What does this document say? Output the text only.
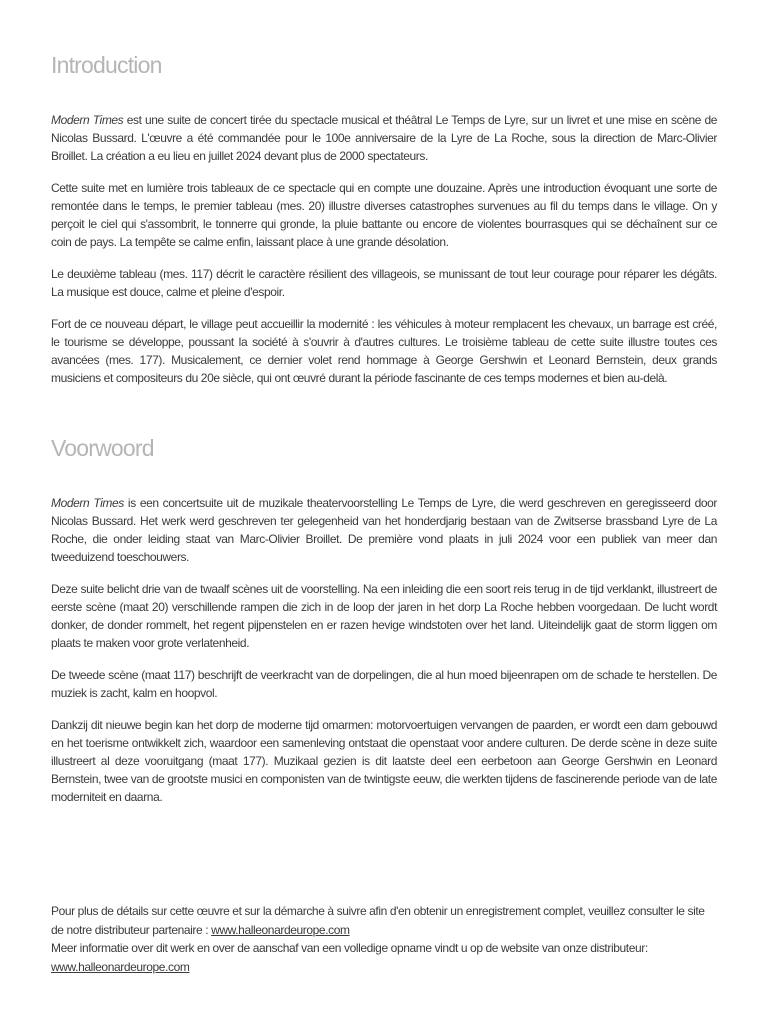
Introduction

Modern Times est une suite de concert tirée du spectacle musical et théâtral Le Temps de Lyre, sur un livret et une mise en scène de Nicolas Bussard. L'œuvre a été commandée pour le 100e anniversaire de la Lyre de La Roche, sous la direction de Marc-Olivier Broillet. La création a eu lieu en juillet 2024 devant plus de 2000 spectateurs.

Cette suite met en lumière trois tableaux de ce spectacle qui en compte une douzaine. Après une introduction évoquant une sorte de remontée dans le temps, le premier tableau (mes. 20) illustre diverses catastrophes survenues au fil du temps dans le village. On y perçoit le ciel qui s'assombrit, le tonnerre qui gronde, la pluie battante ou encore de violentes bourrasques qui se déchaînent sur ce coin de pays. La tempête se calme enfin, laissant place à une grande désolation.

Le deuxième tableau (mes. 117) décrit le caractère résilient des villageois, se munissant de tout leur courage pour réparer les dégâts. La musique est douce, calme et pleine d'espoir.

Fort de ce nouveau départ, le village peut accueillir la modernité : les véhicules à moteur remplacent les chevaux, un barrage est créé, le tourisme se développe, poussant la société à s'ouvrir à d'autres cultures. Le troisième tableau de cette suite illustre toutes ces avancées (mes. 177). Musicalement, ce dernier volet rend hommage à George Gershwin et Leonard Bernstein, deux grands musiciens et compositeurs du 20e siècle, qui ont œuvré durant la période fascinante de ces temps modernes et bien au-delà.

Voorwoord

Modern Times is een concertsuite uit de muzikale theatervoorstelling Le Temps de Lyre, die werd geschreven en geregisseerd door Nicolas Bussard. Het werk werd geschreven ter gelegenheid van het honderdjarig bestaan van de Zwitserse brassband Lyre de La Roche, die onder leiding staat van Marc-Olivier Broillet. De première vond plaats in juli 2024 voor een publiek van meer dan tweeduizend toeschouwers.

Deze suite belicht drie van de twaalf scènes uit de voorstelling. Na een inleiding die een soort reis terug in de tijd verklankt, illustreert de eerste scène (maat 20) verschillende rampen die zich in de loop der jaren in het dorp La Roche hebben voorgedaan. De lucht wordt donker, de donder rommelt, het regent pijpenstelen en er razen hevige windstoten over het land. Uiteindelijk gaat de storm liggen om plaats te maken voor grote verlatenheid.

De tweede scène (maat 117) beschrijft de veerkracht van de dorpelingen, die al hun moed bijeenrapen om de schade te herstellen. De muziek is zacht, kalm en hoopvol.

Dankzij dit nieuwe begin kan het dorp de moderne tijd omarmen: motorvoertuigen vervangen de paarden, er wordt een dam gebouwd en het toerisme ontwikkelt zich, waardoor een samenleving ontstaat die openstaat voor andere culturen. De derde scène in deze suite illustreert al deze vooruitgang (maat 177). Muzikaal gezien is dit laatste deel een eerbetoon aan George Gershwin en Leonard Bernstein, twee van de grootste musici en componisten van de twintigste eeuw, die werkten tijdens de fascinerende periode van de late moderniteit en daarna.

Pour plus de détails sur cette œuvre et sur la démarche à suivre afin d'en obtenir un enregistrement complet, veuillez consulter le site de notre distributeur partenaire : www.halleonardeurope.com

Meer informatie over dit werk en over de aanschaf van een volledige opname vindt u op de website van onze distributeur:
www.halleonardeurope.com
